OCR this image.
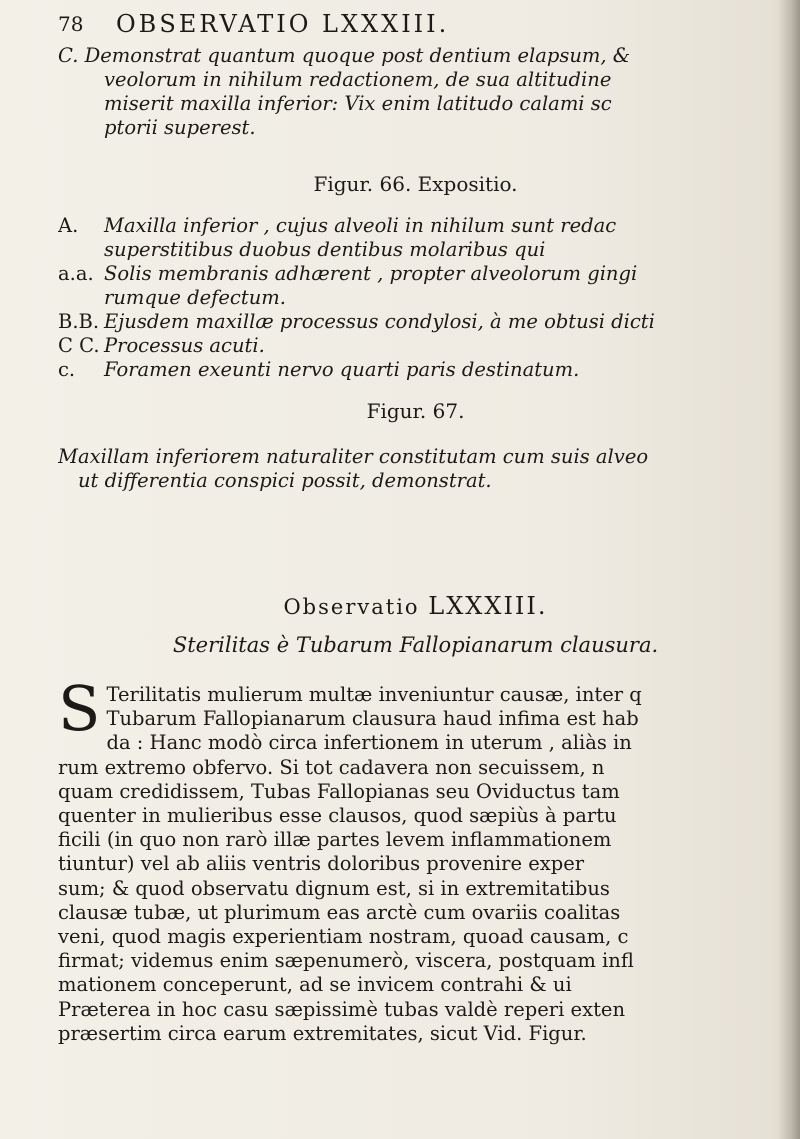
78 OBSERVATIO LXXXIII.
C. Demonstrat quantum quoque post dentium elapsum, &
veolorum in nihilum redactionem, de sua altitudine
miserit maxilla inferior: Vix enim latitudo calami sc
ptorii superest.
Figur. 66. Expositio.
A. Maxilla inferior , cujus alveoli in nihilum sunt redac
superstitibus duobus dentibus molaribus qui
a.a. Solis membranis adhærent , propter alveolorum gingi
rumque defectum.
B.B. Ejusdem maxillæ processus condylosi, à me obtusi dicti
C C. Processus acuti.
c. Foramen exeunti nervo quarti paris destinatum.
Figur. 67.
Maxillam inferiorem naturaliter constitutam cum suis alveo
ut differentia conspici possit, demonstrat.
Observatio LXXXIII.
Sterilitas è Tubarum Fallopianarum clausura.
S Terilitatis mulierum multæ inveniuntur causæ, inter q
Tubarum Fallopianarum clausura haud infima est hab
da : Hanc modò circa infertionem in uterum , aliàs in
rum extremo obfervo. Si tot cadavera non secuissem, n
quam credidissem, Tubas Fallopianas seu Oviductus tam
quenter in mulieribus esse clausos, quod sæpiùs à partu
ficili (in quo non rarò illæ partes levem inflammationem
tiuntur) vel ab aliis ventris doloribus provenire exper
sum; & quod observatu dignum est, si in extremitatibus
clausæ tubæ, ut plurimum eas arctè cum ovariis coalitas
veni, quod magis experientiam nostram, quoad causam, c
firmat; videmus enim sæpenumerò, viscera, postquam infl
mationem conceperunt, ad se invicem contrahi & ui
Præterea in hoc casu sæpissimè tubas valdè reperi exten
præsertim circa earum extremitates, sicut Vid. Figur.
